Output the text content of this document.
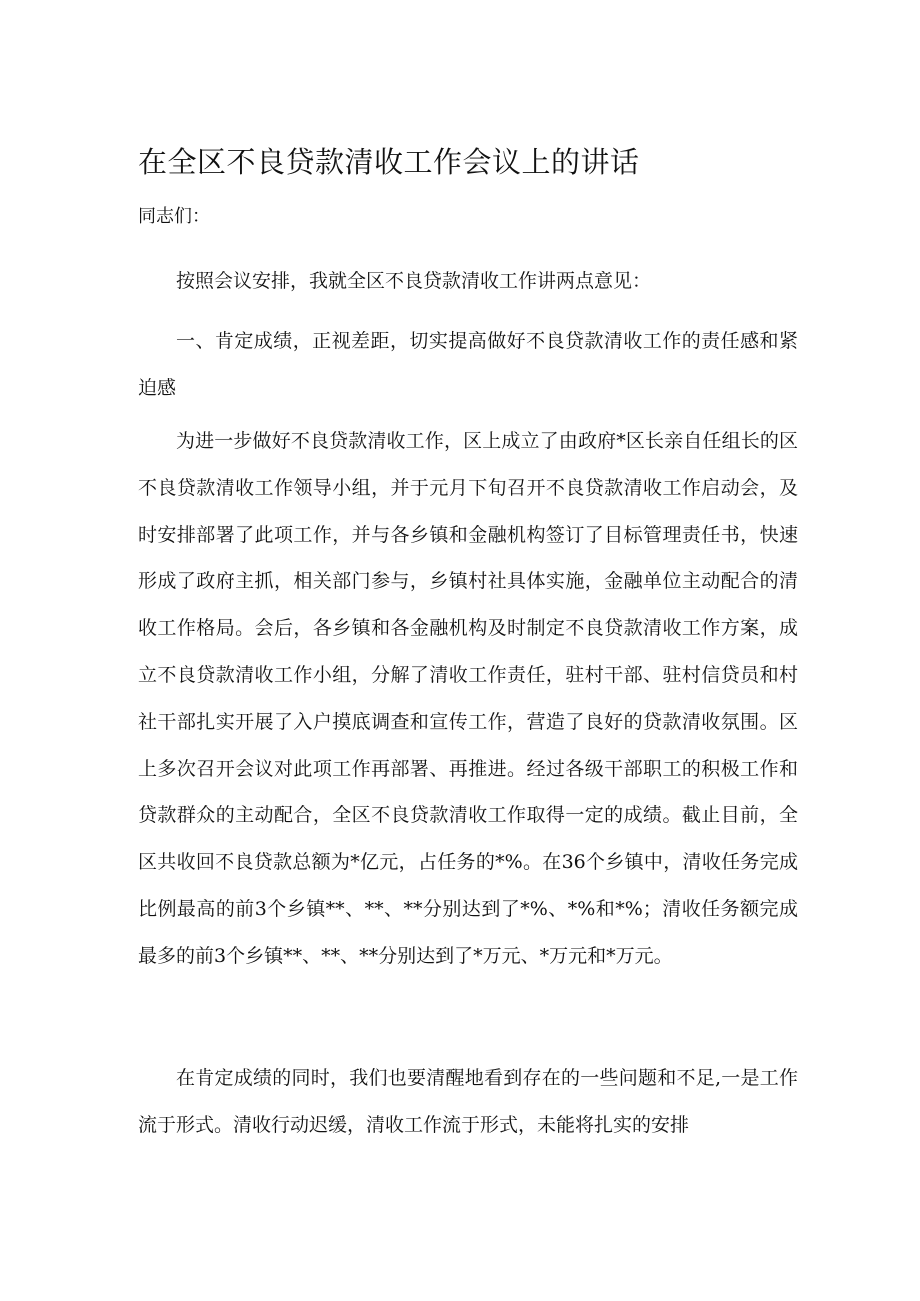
在全区不良贷款清收工作会议上的讲话

同志们：

按照会议安排，我就全区不良贷款清收工作讲两点意见：

一、肯定成绩，正视差距，切实提高做好不良贷款清收工作的责任感和紧迫感

为进一步做好不良贷款清收工作，区上成立了由政府*区长亲自任组长的区不良贷款清收工作领导小组，并于元月下旬召开不良贷款清收工作启动会，及时安排部署了此项工作，并与各乡镇和金融机构签订了目标管理责任书，快速形成了政府主抓，相关部门参与，乡镇村社具体实施，金融单位主动配合的清收工作格局。会后，各乡镇和各金融机构及时制定不良贷款清收工作方案，成立不良贷款清收工作小组，分解了清收工作责任，驻村干部、驻村信贷员和村社干部扎实开展了入户摸底调查和宣传工作，营造了良好的贷款清收氛围。区上多次召开会议对此项工作再部署、再推进。经过各级干部职工的积极工作和贷款群众的主动配合，全区不良贷款清收工作取得一定的成绩。截止目前，全区共收回不良贷款总额为*亿元，占任务的*%。在36个乡镇中，清收任务完成比例最高的前3个乡镇**、**、**分别达到了*%、*%和*%；清收任务额完成最多的前3个乡镇**、**、**分别达到了*万元、*万元和*万元。

在肯定成绩的同时，我们也要清醒地看到存在的一些问题和不足,一是工作流于形式。清收行动迟缓，清收工作流于形式，未能将扎实的安排
